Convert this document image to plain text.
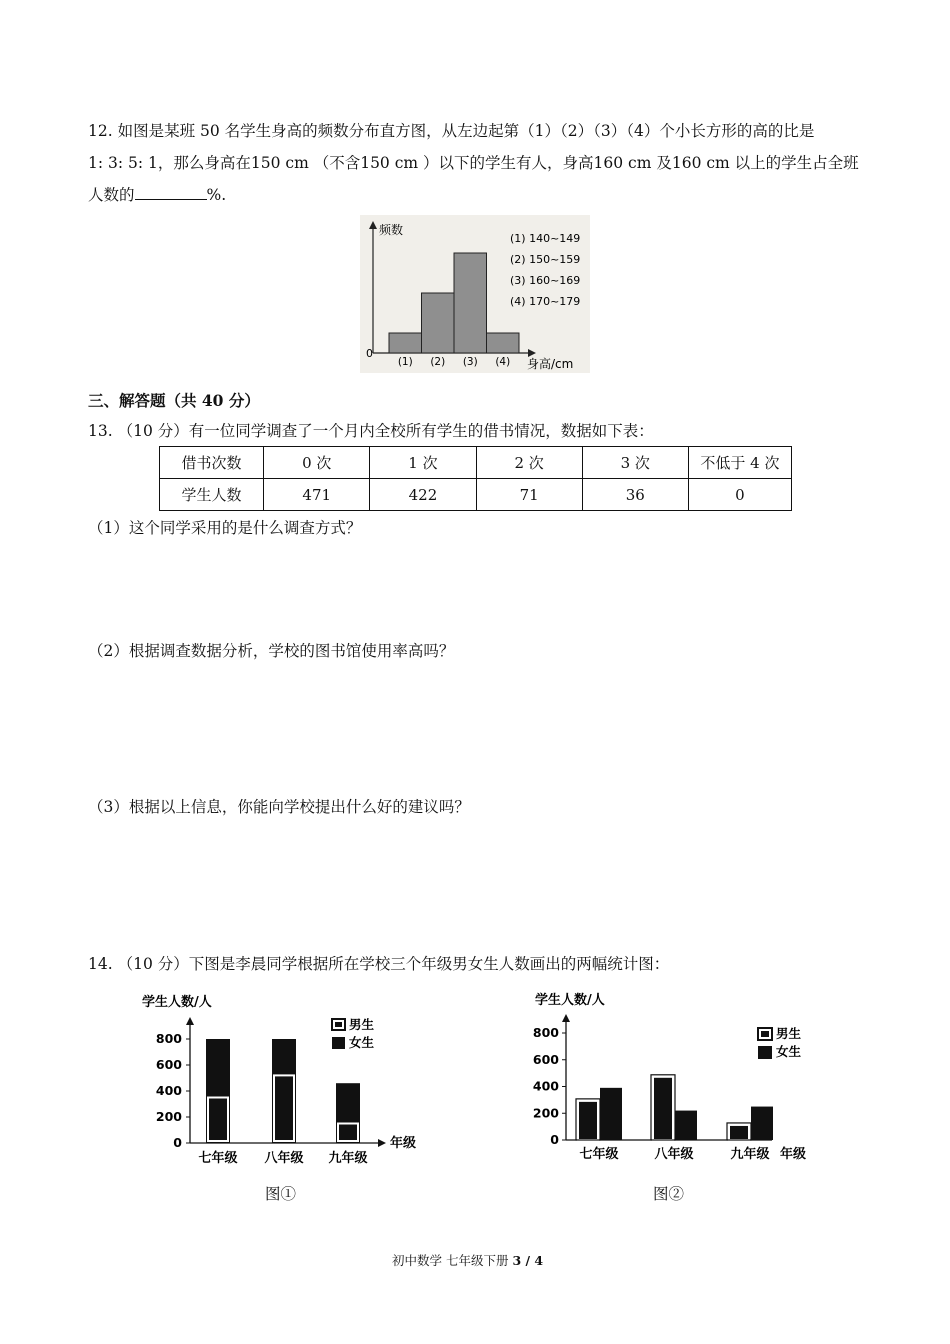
12. 如图是某班 50 名学生身高的频数分布直方图，从左边起第（1）（2）（3）（4）个小长方形的高的比是
1: 3: 5: 1，那么身高在150 cm （不含150 cm ）以下的学生有人，身高160 cm 及160 cm 以上的学生占全班
人数的	%.
频数
身高/cm
0
(1) (2) (3) (4)
(1) 140~149
(2) 150~159
(3) 160~169
(4) 170~179
三、解答题（共 40 分）
13. （10 分）有一位同学调查了一个月内全校所有学生的借书情况，数据如下表：
借书次数	0 次	1 次	2 次	3 次	不低于 4 次
学生人数	471	422	71	36	0
（1）这个同学采用的是什么调查方式？
（2）根据调查数据分析，学校的图书馆使用率高吗？
（3）根据以上信息，你能向学校提出什么好的建议吗？
14. （10 分）下图是李晨同学根据所在学校三个年级男女生人数画出的两幅统计图：
学生人数/人
年级
0
200
400
600
800
七年级 八年级 九年级
男生
女生
图①
学生人数/人
年级
0
200
400
600
800
七年级	八年级	九年级
男生
女生
图②
初中数学 七年级下册 3 / 4
